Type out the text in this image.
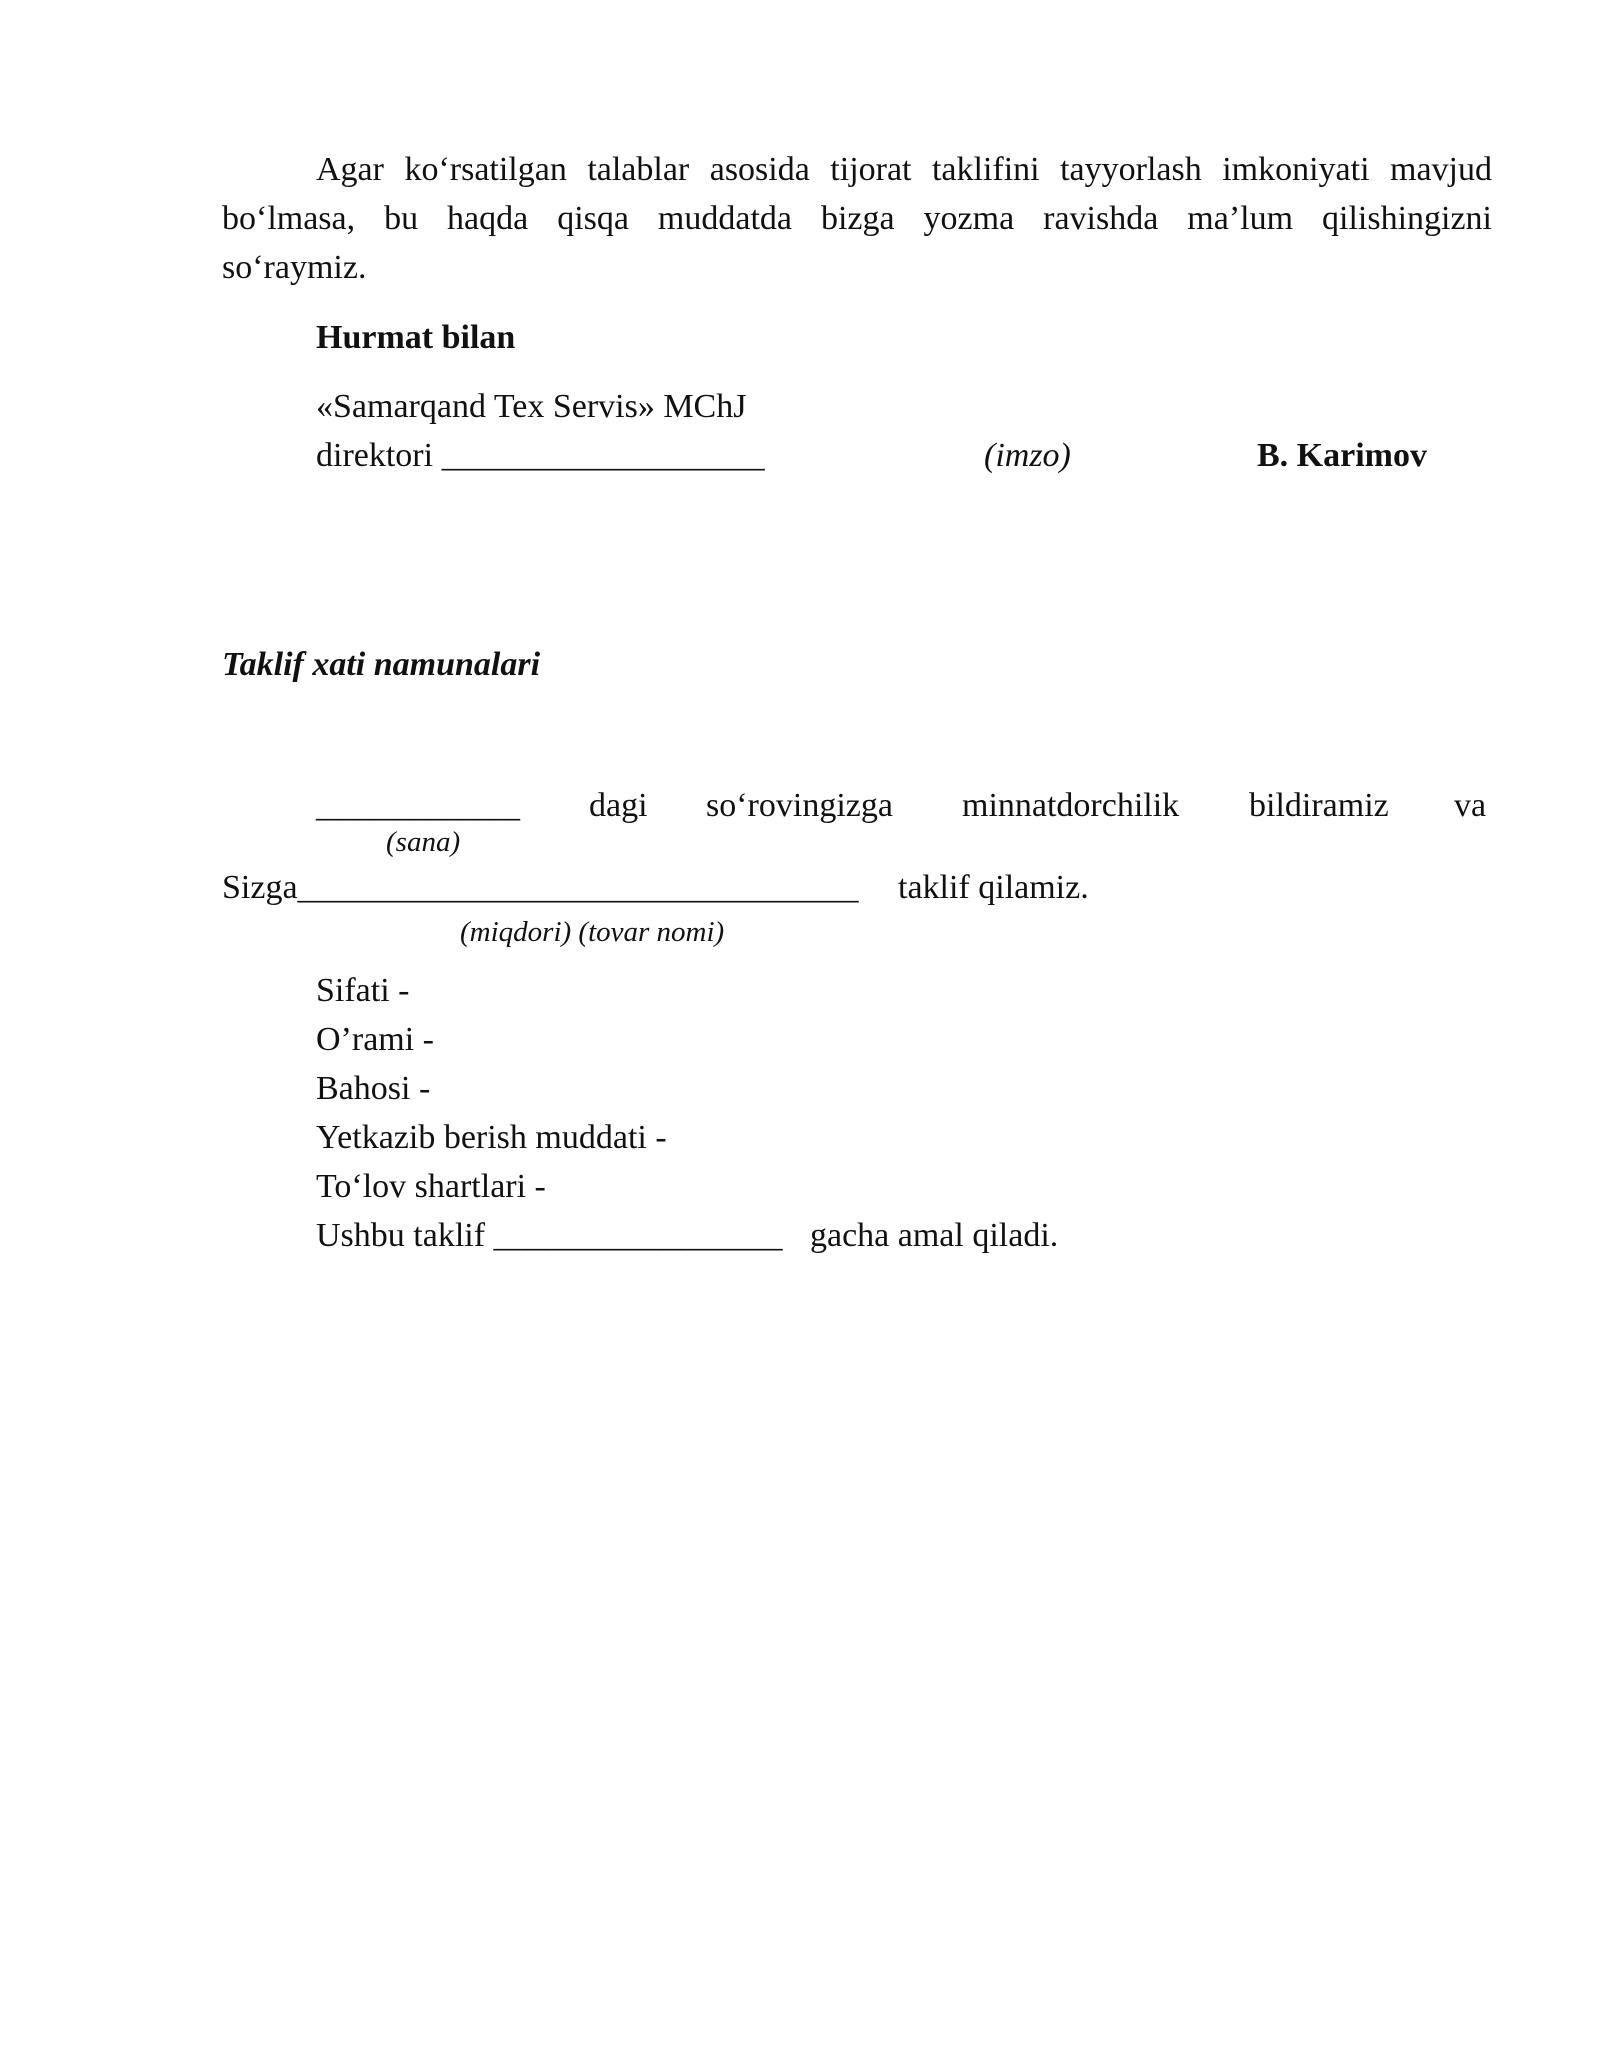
Agar ko‘rsatilgan talablar asosida tijorat taklifini tayyorlash imkoniyati mavjud
bo‘lmasa, bu haqda qisqa muddatda bizga yozma ravishda ma’lum qilishingizni
so‘raymiz.
Hurmat bilan
«Samarqand Tex Servis» MChJ
direktori ___________________	(imzo)	B. Karimov
Taklif xati namunalari
____________ dagi so‘rovingizga minnatdorchilik bildiramiz va
(sana)
Sizga_________________________________ taklif qilamiz.
(miqdori) (tovar nomi)
Sifati -
O’rami -
Bahosi -
Yetkazib berish muddati -
To‘lov shartlari -
Ushbu taklif _________________ gacha amal qiladi.
